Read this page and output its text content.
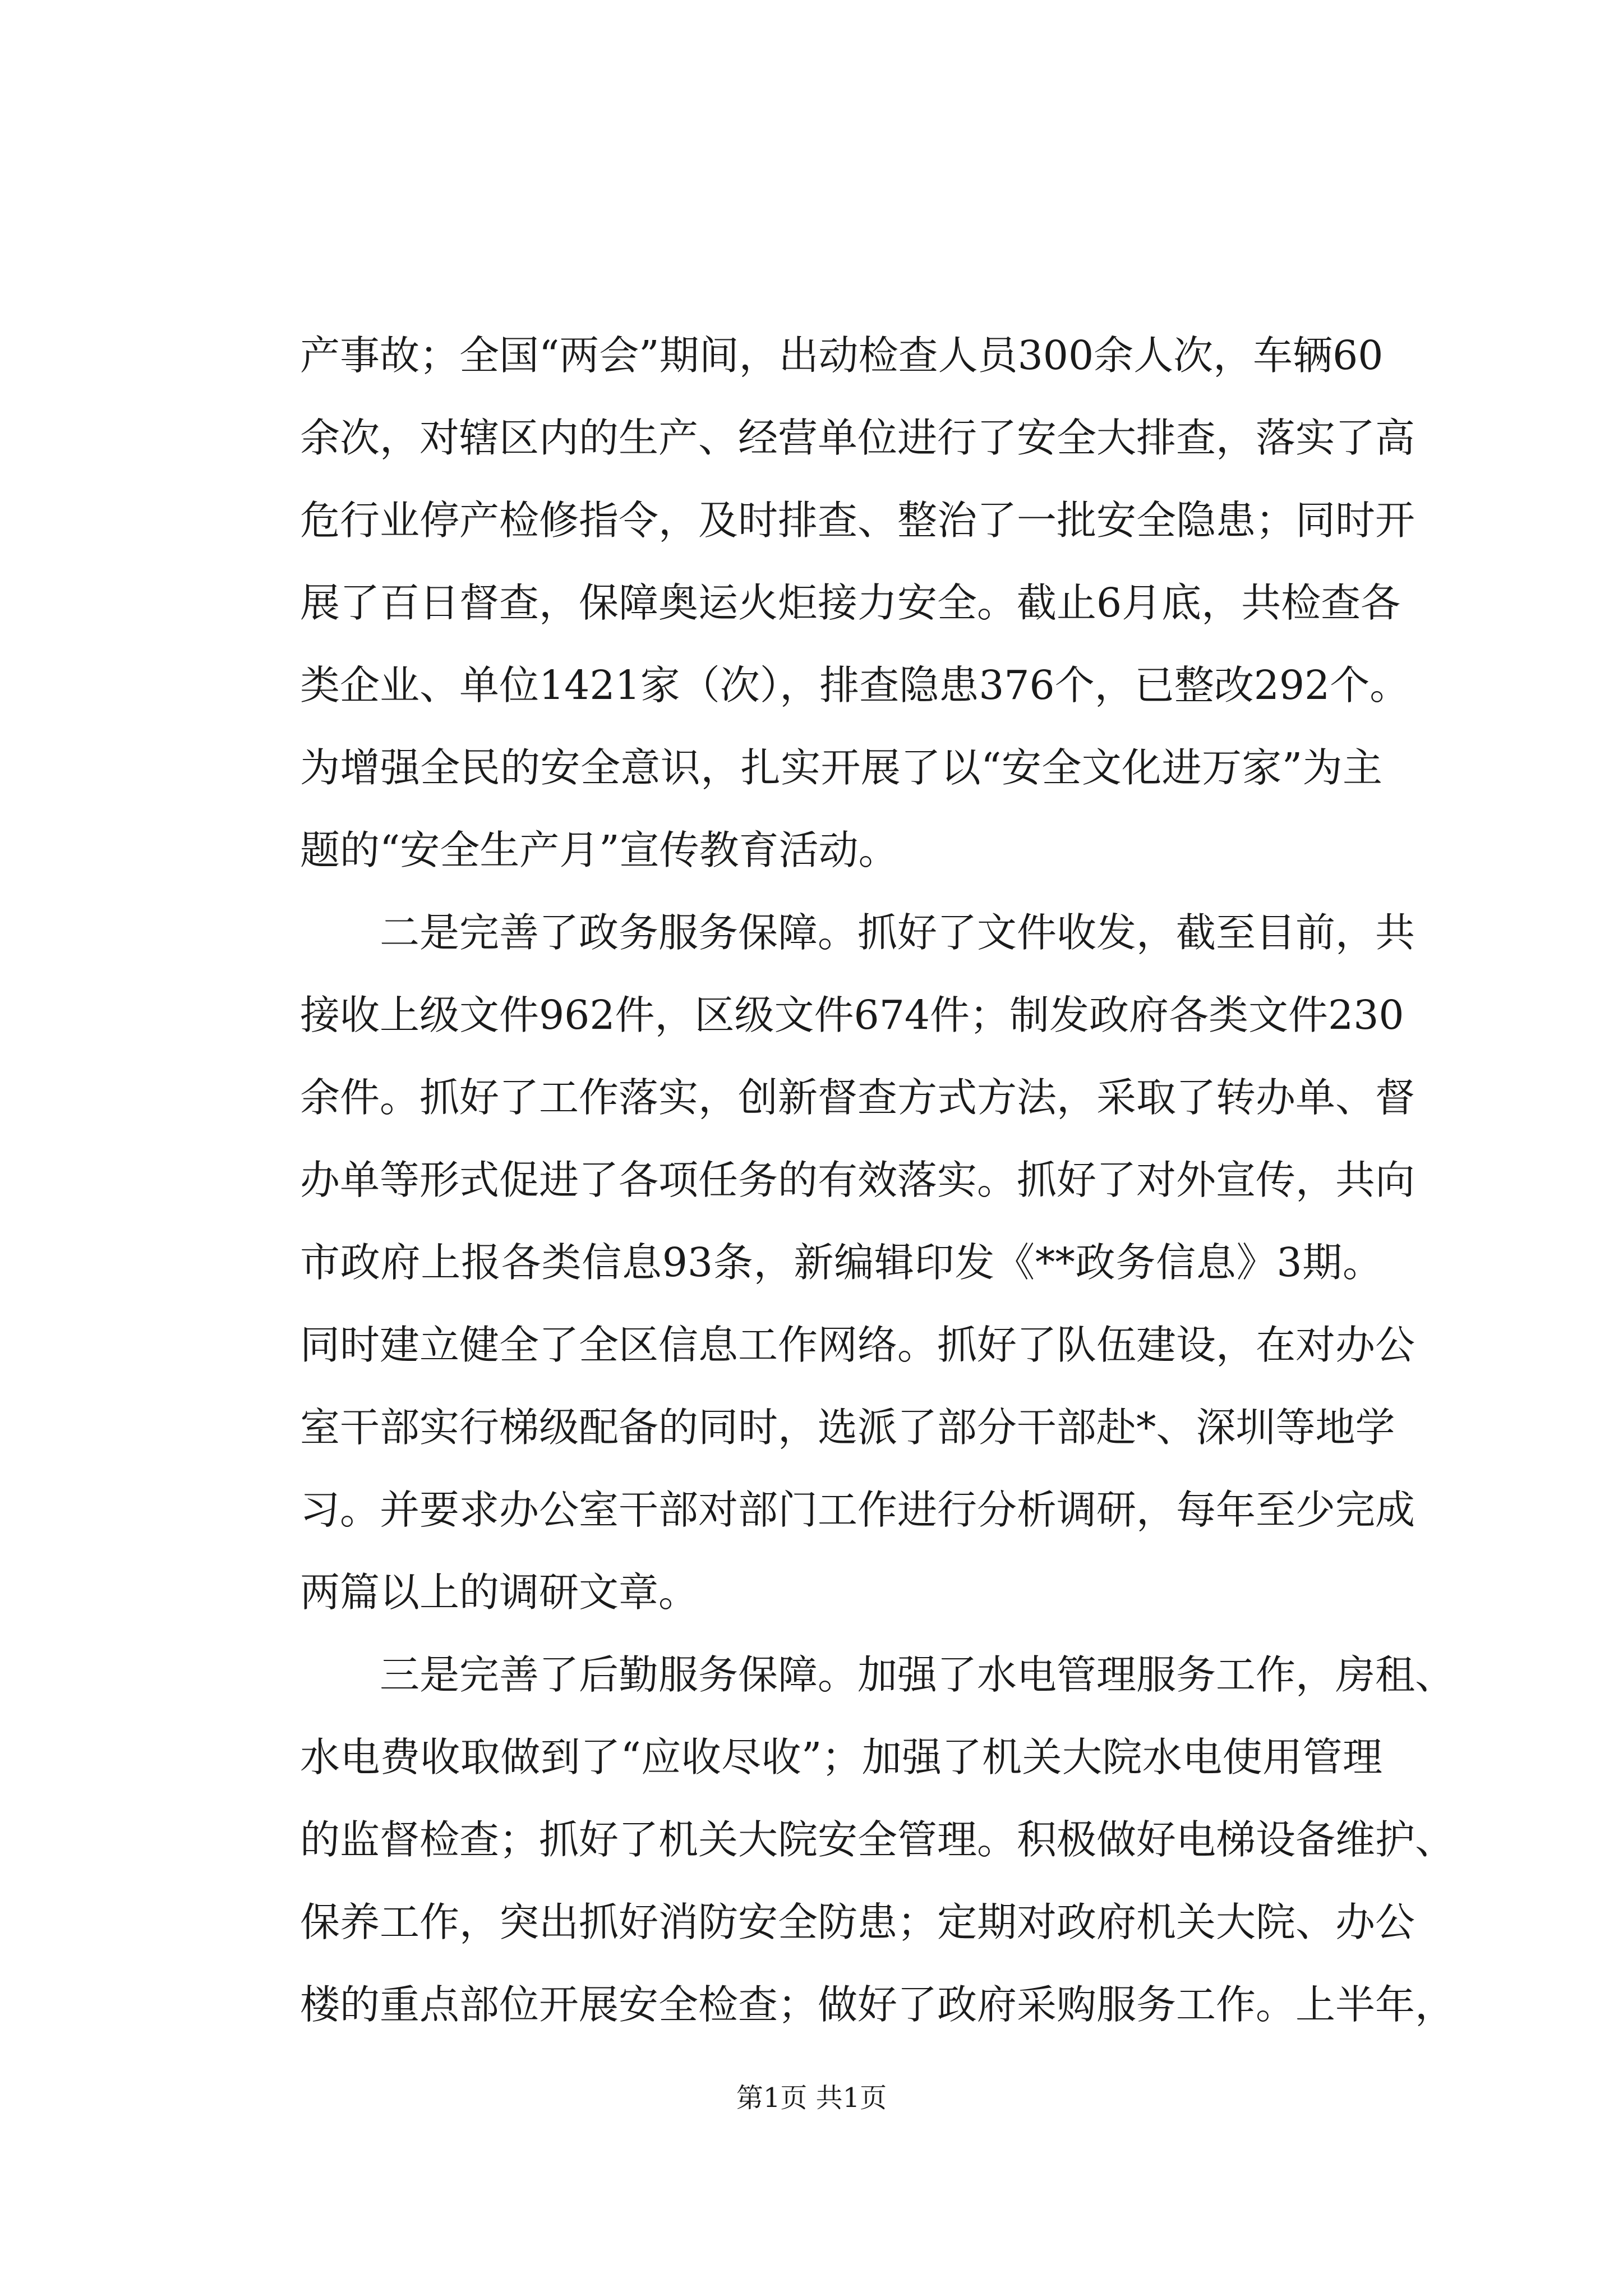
产事故；全国“两会”期间，出动检查人员300余人次，车辆60
余次，对辖区内的生产、经营单位进行了安全大排查，落实了高
危行业停产检修指令，及时排查、整治了一批安全隐患；同时开
展了百日督查，保障奥运火炬接力安全。截止6月底，共检查各
类企业、单位1421家（次），排查隐患376个，已整改292个。
为增强全民的安全意识，扎实开展了以“安全文化进万家”为主
题的“安全生产月”宣传教育活动。
二是完善了政务服务保障。抓好了文件收发，截至目前，共
接收上级文件962件，区级文件674件；制发政府各类文件230
余件。抓好了工作落实，创新督查方式方法，采取了转办单、督
办单等形式促进了各项任务的有效落实。抓好了对外宣传，共向
市政府上报各类信息93条，新编辑印发《**政务信息》3期。
同时建立健全了全区信息工作网络。抓好了队伍建设，在对办公
室干部实行梯级配备的同时，选派了部分干部赴*、深圳等地学
习。并要求办公室干部对部门工作进行分析调研，每年至少完成
两篇以上的调研文章。
三是完善了后勤服务保障。加强了水电管理服务工作，房租、
水电费收取做到了“应收尽收”；加强了机关大院水电使用管理
的监督检查；抓好了机关大院安全管理。积极做好电梯设备维护、
保养工作，突出抓好消防安全防患；定期对政府机关大院、办公
楼的重点部位开展安全检查；做好了政府采购服务工作。上半年，
第1页 共1页
